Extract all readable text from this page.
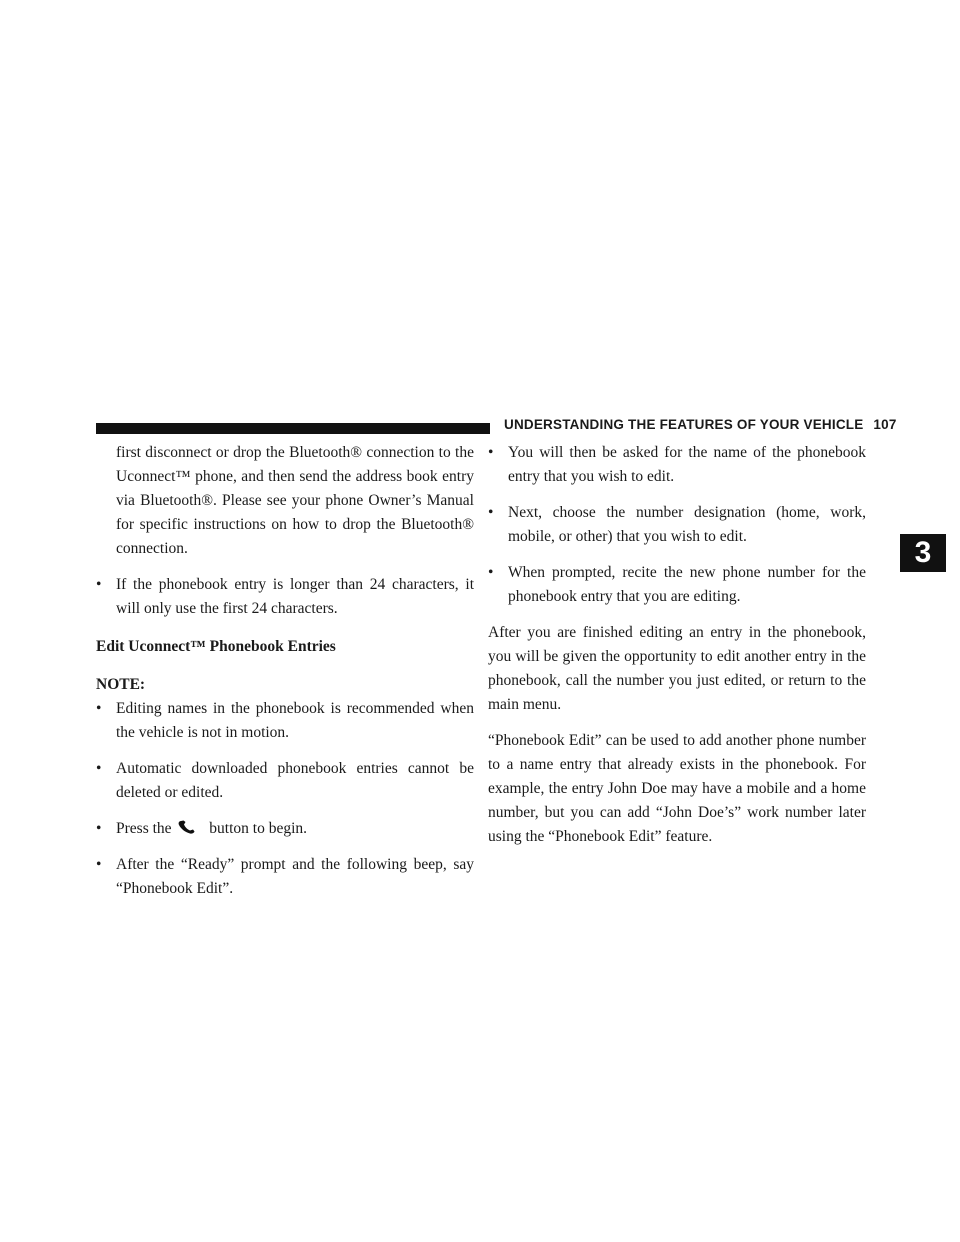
UNDERSTANDING THE FEATURES OF YOUR VEHICLE 107
3

first disconnect or drop the Bluetooth® connection to the Uconnect™ phone, and then send the address book entry via Bluetooth®. Please see your phone Owner’s Manual for specific instructions on how to drop the Bluetooth® connection.

• If the phonebook entry is longer than 24 characters, it will only use the first 24 characters.
Edit Uconnect™ Phonebook Entries
NOTE:
• Editing names in the phonebook is recommended when the vehicle is not in motion.
• Automatic downloaded phonebook entries cannot be deleted or edited.
• Press the button to begin.
• After the “Ready” prompt and the following beep, say “Phonebook Edit”.
• You will then be asked for the name of the phonebook entry that you wish to edit.
• Next, choose the number designation (home, work, mobile, or other) that you wish to edit.
• When prompted, recite the new phone number for the phonebook entry that you are editing.

After you are finished editing an entry in the phonebook, you will be given the opportunity to edit another entry in the phonebook, call the number you just edited, or return to the main menu.

“Phonebook Edit” can be used to add another phone number to a name entry that already exists in the phonebook. For example, the entry John Doe may have a mobile and a home number, but you can add “John Doe’s” work number later using the “Phonebook Edit” feature.
